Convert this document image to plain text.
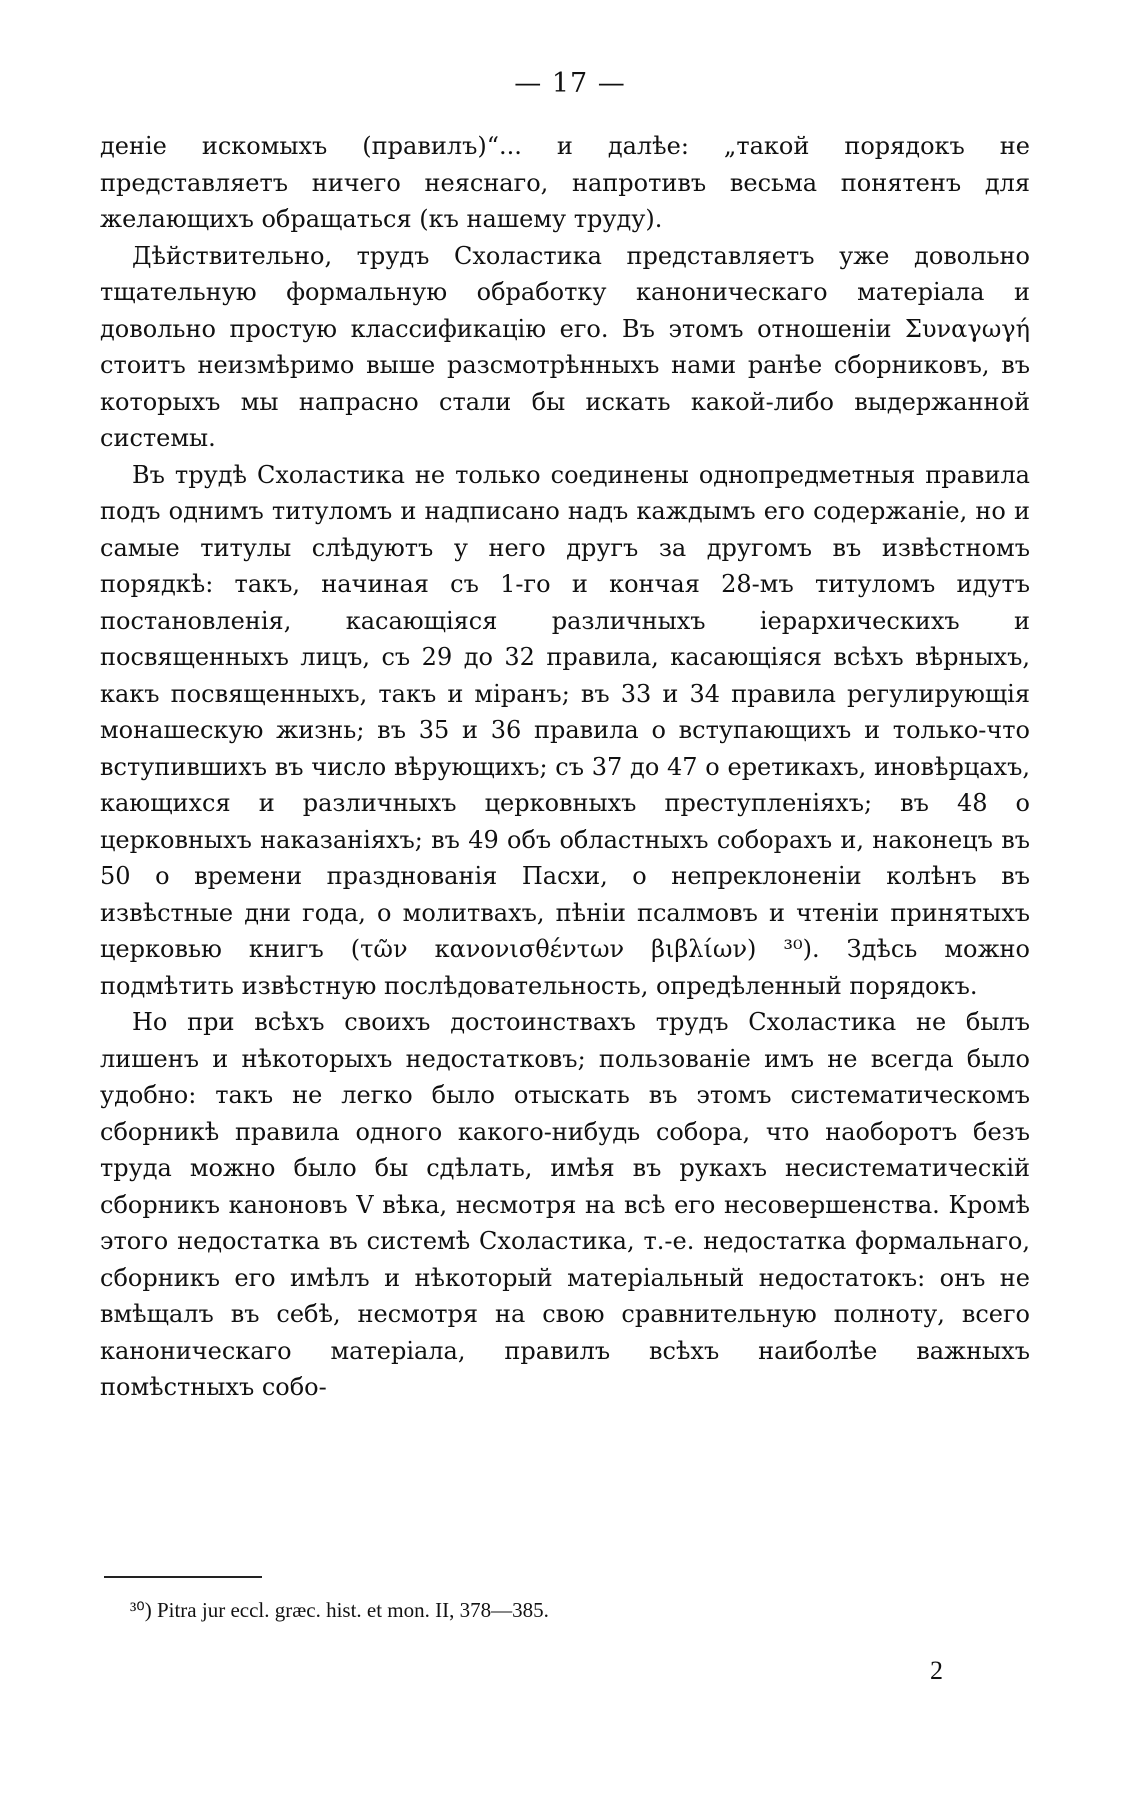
— 17 —

деніе искомыхъ (правилъ)“... и далѣе: „такой порядокъ не представляетъ ничего неяснаго, напротивъ весьма понятенъ для желающихъ обращаться (къ нашему труду).

Дѣйствительно, трудъ Схоластика представляетъ уже довольно тщательную формальную обработку каноническаго матеріала и довольно простую классификацію его. Въ этомъ отношеніи Συναγωγή стоитъ неизмѣримо выше разсмотрѣнныхъ нами ранѣе сборниковъ, въ которыхъ мы напрасно стали бы искать какой-либо выдержанной системы.

Въ трудѣ Схоластика не только соединены однопредметныя правила подъ однимъ титуломъ и надписано надъ каждымъ его содержаніе, но и самые титулы слѣдуютъ у него другъ за другомъ въ извѣстномъ порядкѣ: такъ, начиная съ 1-го и кончая 28-мъ титуломъ идутъ постановленія, касающіяся различныхъ іерархическихъ и посвященныхъ лицъ, съ 29 до 32 правила, касающіяся всѣхъ вѣрныхъ, какъ посвященныхъ, такъ и міранъ; въ 33 и 34 правила регулирующія монашескую жизнь; въ 35 и 36 правила о вступающихъ и только-что вступившихъ въ число вѣрующихъ; съ 37 до 47 о еретикахъ, иновѣрцахъ, кающихся и различныхъ церковныхъ преступленіяхъ; въ 48 о церковныхъ наказаніяхъ; въ 49 объ областныхъ соборахъ и, наконецъ въ 50 о времени празднованія Пасхи, о непреклоненіи колѣнъ въ извѣстные дни года, о молитвахъ, пѣніи псалмовъ и чтеніи принятыхъ церковью книгъ (τῶν κανονισθέντων βιβλίων) ³⁰). Здѣсь можно подмѣтить извѣстную послѣдовательность, опредѣленный порядокъ.

Но при всѣхъ своихъ достоинствахъ трудъ Схоластика не былъ лишенъ и нѣкоторыхъ недостатковъ; пользованіе имъ не всегда было удобно: такъ не легко было отыскать въ этомъ систематическомъ сборникѣ правила одного какого-нибудь собора, что наоборотъ безъ труда можно было бы сдѣлать, имѣя въ рукахъ несистематическій сборникъ каноновъ V вѣка, несмотря на всѣ его несовершенства. Кромѣ этого недостатка въ системѣ Схоластика, т.-е. недостатка формальнаго, сборникъ его имѣлъ и нѣкоторый матеріальный недостатокъ: онъ не вмѣщалъ въ себѣ, несмотря на свою сравнительную полноту, всего каноническаго матеріала, правилъ всѣхъ наиболѣе важныхъ помѣстныхъ собо-

³⁰) Pitra jur eccl. græc. hist. et mon. II, 378—385.
2
